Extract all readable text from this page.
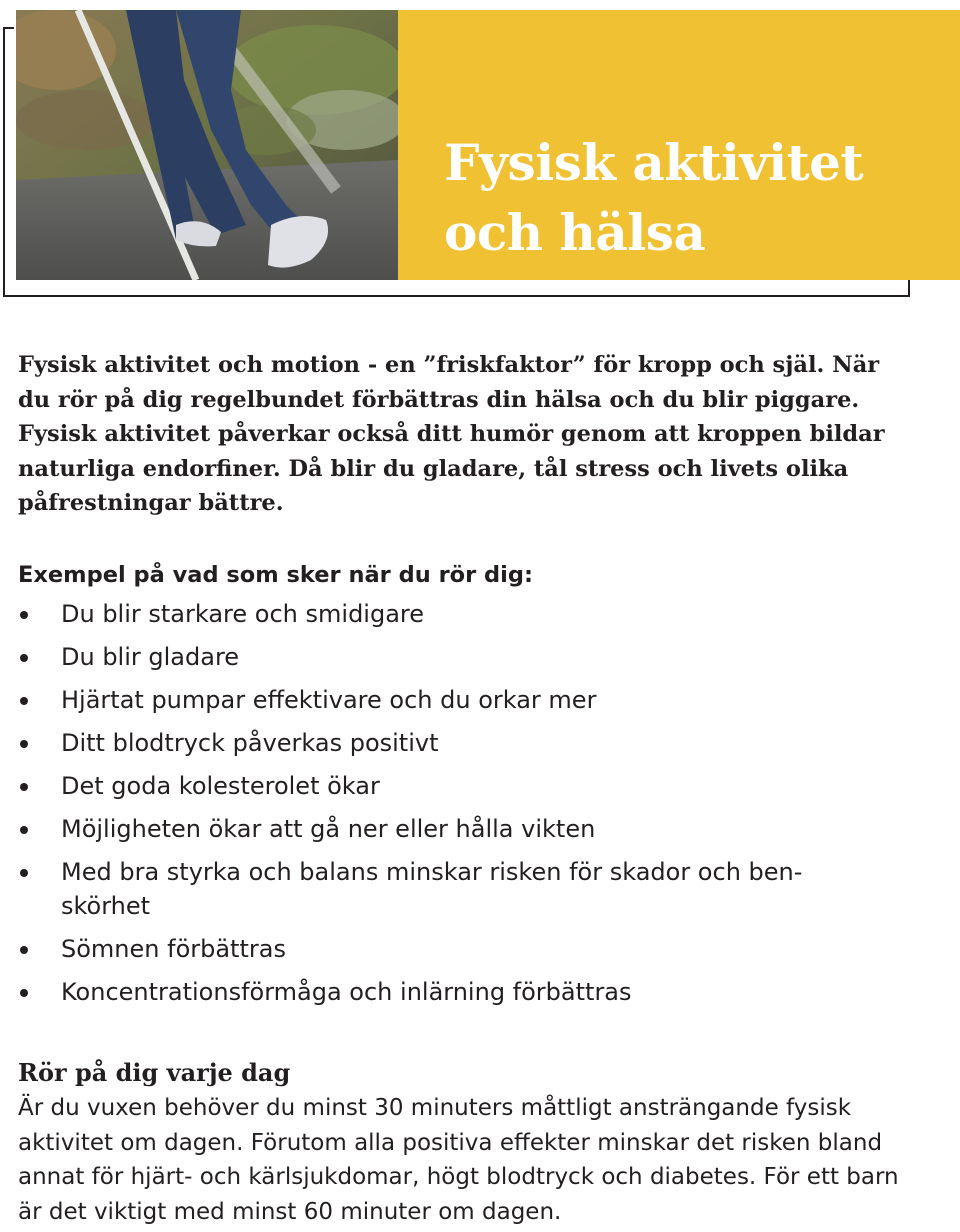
Fysisk aktivitet
och hälsa

Fysisk aktivitet och motion - en ”friskfaktor” för kropp och själ. När du rör på dig regelbundet förbättras din hälsa och du blir piggare. Fysisk aktivitet påverkar också ditt humör genom att kroppen bildar naturliga endorfiner. Då blir du gladare, tål stress och livets olika påfrestningar bättre.

Exempel på vad som sker när du rör dig:
Du blir starkare och smidigare
Du blir gladare
Hjärtat pumpar effektivare och du orkar mer
Ditt blodtryck påverkas positivt
Det goda kolesterolet ökar
Möjligheten ökar att gå ner eller hålla vikten
Med bra styrka och balans minskar risken för skador och ben-skörhet
Sömnen förbättras
Koncentrationsförmåga och inlärning förbättras
Rör på dig varje dag

Är du vuxen behöver du minst 30 minuters måttligt ansträngande fysisk aktivitet om dagen. Förutom alla positiva effekter minskar det risken bland annat för hjärt- och kärlsjukdomar, högt blodtryck och diabetes. För ett barn är det viktigt med minst 60 minuter om dagen.
